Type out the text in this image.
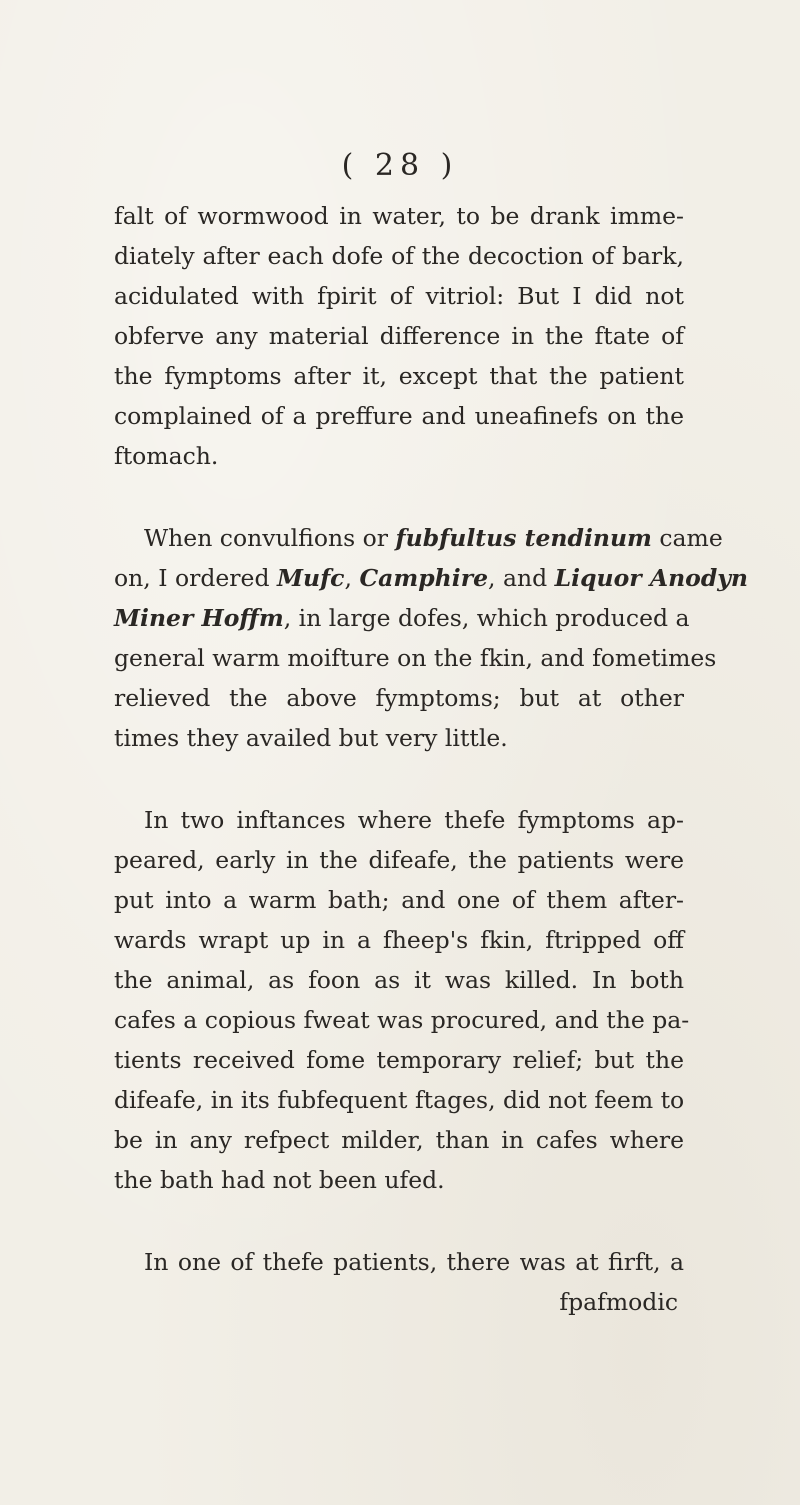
( 28 )
falt of wormwood in water, to be drank imme-
diately after each dofe of the decoction of bark,
acidulated with fpirit of vitriol: But I did not
obferve any material difference in the ftate of
the fymptoms after it, except that the patient
complained of a preffure and uneafinefs on the
ftomach.
When convulfions or fubfultus tendinum came
on, I ordered Mufc, Camphire, and Liquor Anodyn
Miner Hoffm, in large dofes, which produced a
general warm moifture on the fkin, and fometimes
relieved the above fymptoms; but at other
times they availed but very little.
In two inftances where thefe fymptoms ap-
peared, early in the difeafe, the patients were
put into a warm bath; and one of them after-
wards wrapt up in a fheep's fkin, ftripped off
the animal, as foon as it was killed. In both
cafes a copious fweat was procured, and the pa-
tients received fome temporary relief; but the
difeafe, in its fubfequent ftages, did not feem to
be in any refpect milder, than in cafes where
the bath had not been ufed.
In one of thefe patients, there was at firft, a
fpafmodic
